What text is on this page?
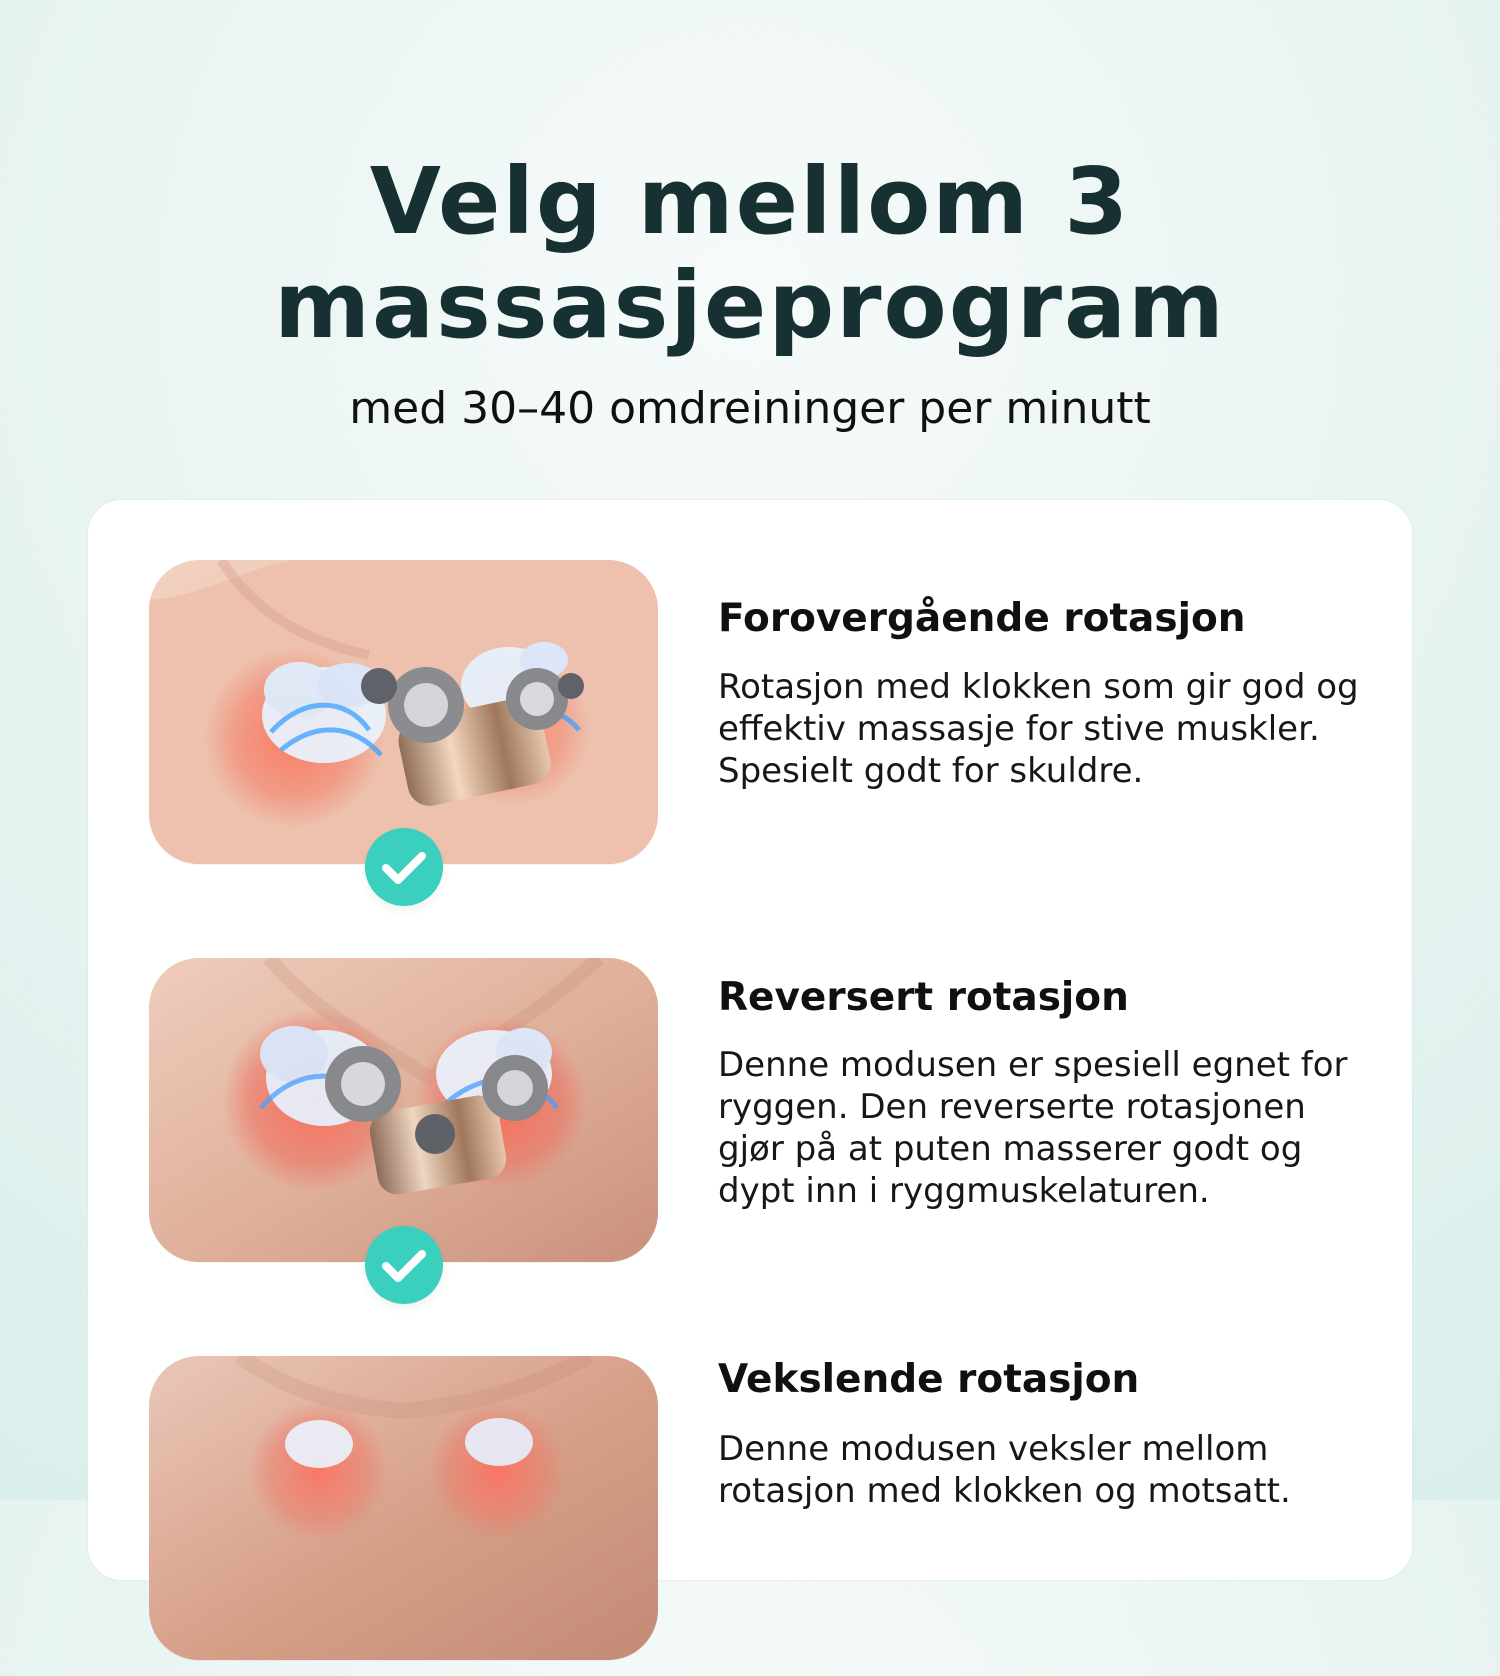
Velg mellom 3
massasjeprogram

med 30–40 omdreininger per minutt

Forovergående rotasjon

Rotasjon med klokken som gir god og effektiv massasje for stive muskler. Spesielt godt for skuldre.

Reversert rotasjon

Denne modusen er spesiell egnet for ryggen. Den reverserte rotasjonen gjør på at puten masserer godt og dypt inn i ryggmuskelaturen.

Vekslende rotasjon

Denne modusen veksler mellom rotasjon med klokken og motsatt.
